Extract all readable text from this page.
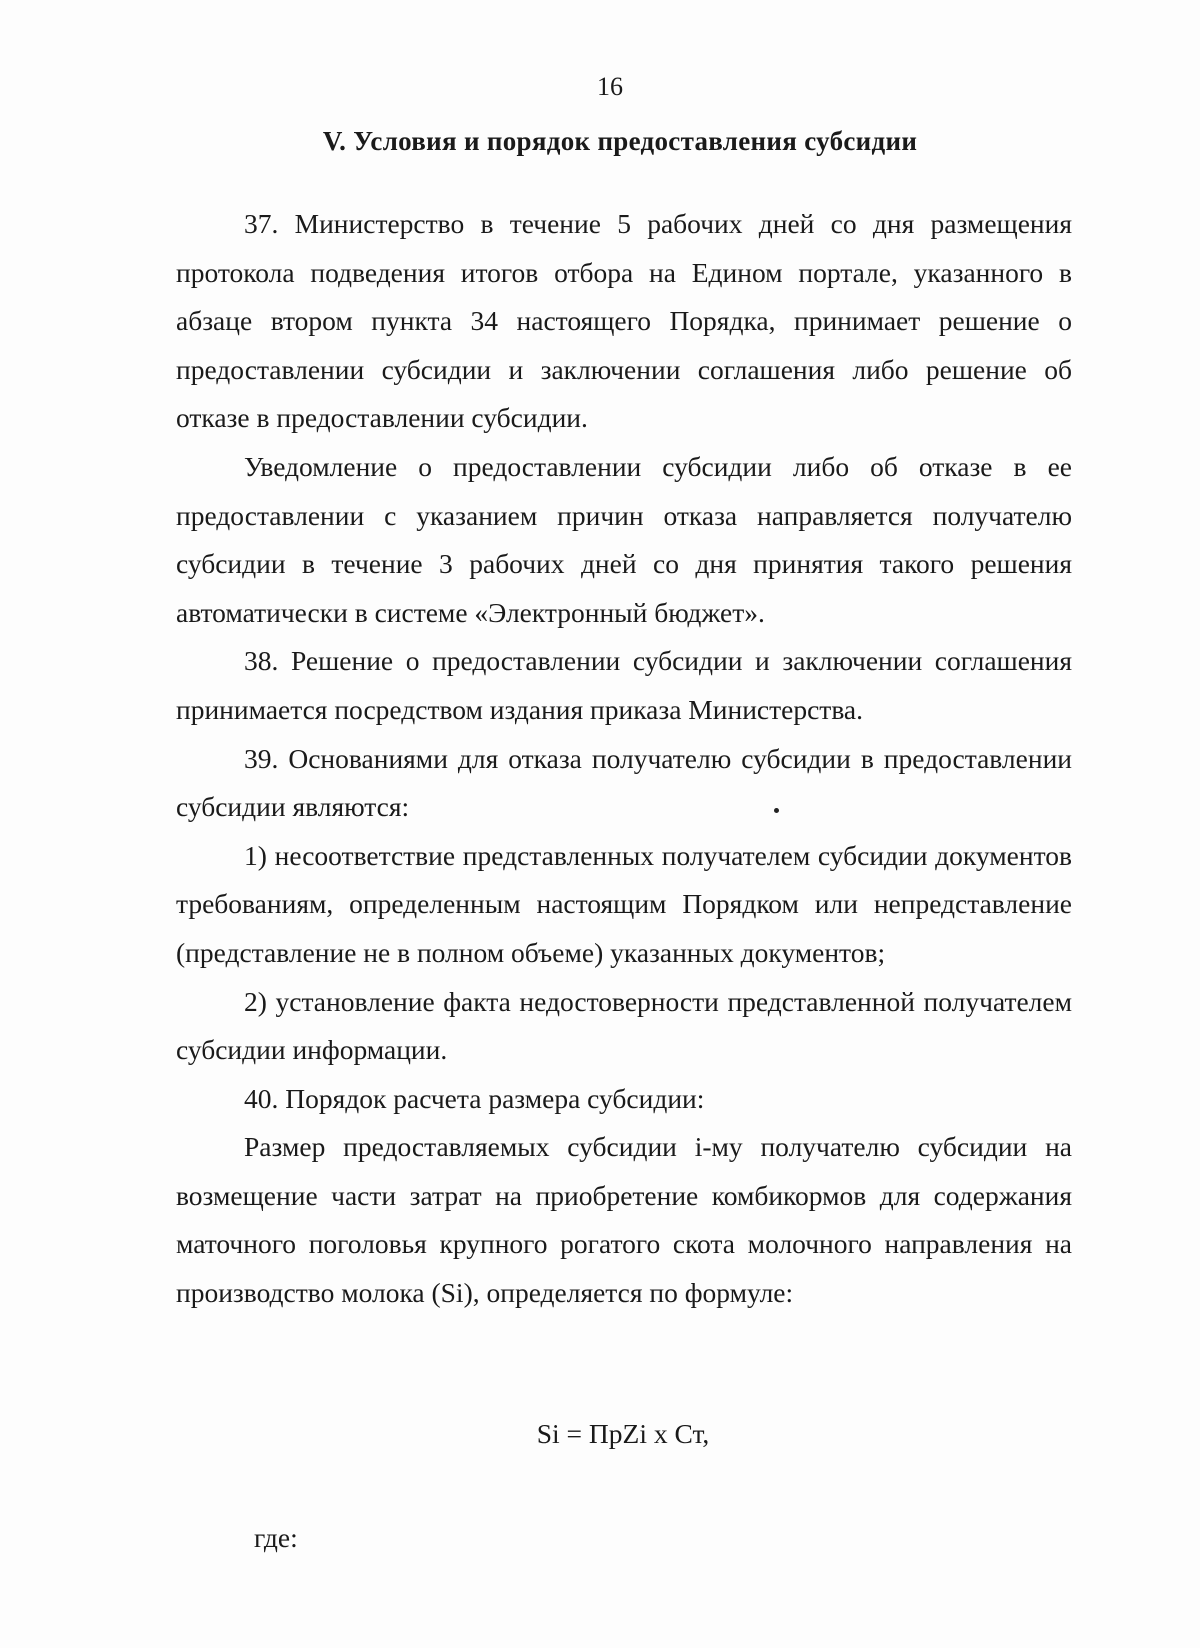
16
V. Условия и порядок предоставления субсидии

37. Министерство в течение 5 рабочих дней со дня размещения протокола подведения итогов отбора на Едином портале, указанного в абзаце втором пункта 34 настоящего Порядка, принимает решение о предоставлении субсидии и заключении соглашения либо решение об отказе в предоставлении субсидии.

Уведомление о предоставлении субсидии либо об отказе в ее предоставлении с указанием причин отказа направляется получателю субсидии в течение 3 рабочих дней со дня принятия такого решения автоматически в системе «Электронный бюджет».

38. Решение о предоставлении субсидии и заключении соглашения принимается посредством издания приказа Министерства.

39. Основаниями для отказа получателю субсидии в предоставлении субсидии являются:

1) несоответствие представленных получателем субсидии документов требованиям, определенным настоящим Порядком или непредставление (представление не в полном объеме) указанных документов;

2) установление факта недостоверности представленной получателем субсидии информации.

40. Порядок расчета размера субсидии:

Размер предоставляемых субсидии i-му получателю субсидии на возмещение части затрат на приобретение комбикормов для содержания маточного поголовья крупного рогатого скота молочного направления на производство молока (Si), определяется по формуле:

Si = ПрZi x Ст,
где:
